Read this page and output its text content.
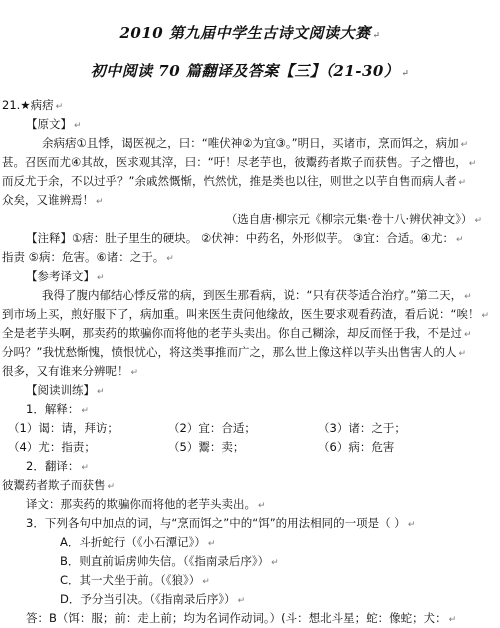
2010 第九届中学生古诗文阅读大赛 ↵
初中阅读 70 篇翻译及答案【三】（21-30） ↵
21.★病痞 ↵
【原文】 ↵
余病痞①且悸，谒医视之，曰：“唯伏神②为宜③。”明日，买诸市，烹而饵之，病加 ↵
甚。召医而尤④其故，医求观其滓，曰：“吁！尽老芋也，彼鬻药者欺子而获售。子之懵也， ↵
而反尤于余，不以过乎？”余戚然慨惭，忾然忧，推是类也以往，则世之以芋自售而病人者 ↵
众矣，又谁辨焉！ ↵
（选自唐·柳宗元《柳宗元集·卷十八·辨伏神文》） ↵
【注释】①痞：肚子里生的硬块。 ②伏神：中药名，外形似芋。 ③宜：合适。④尤： ↵
指责 ⑤病：危害。⑥诸：之于。 ↵
【参考译文】 ↵
我得了腹内郁结心悸反常的病，到医生那看病，说：“只有茯苓适合治疗。”第二天， ↵
到市场上买，煎好服下了，病加重。叫来医生责问他缘故，医生要求观看药渣，看后说：“唉！ ↵
全是老芋头啊，那卖药的欺骗你而将他的老芋头卖出。你自己糊涂，却反而怪于我，不是过 ↵
分吗？”我忧愁惭愧，愤恨忧心，将这类事推而广之，那么世上像这样以芋头出售害人的人 ↵
很多，又有谁来分辨呢！ ↵
【阅读训练】 ↵
1．解释： ↵
（1）谒：请，拜访；	（2）宜：合适；	（3）诸：之于；
（4）尤：指责；	（5）鬻：卖；	（6）病：危害
2．翻译： ↵
彼鬻药者欺子而获售 ↵
译文：那卖药的欺骗你而将他的老芋头卖出。 ↵
3．下列各句中加点的词，与“烹而饵之”中的“饵”的用法相同的一项是（ ） ↵
A．斗折蛇行（《小石潭记》） ↵
B．则直前诟虏帅失信。（《指南录后序》） ↵
C．其一犬坐于前。（《狼》） ↵
D．予分当引决。（《指南录后序》） ↵
答：B（饵：服；前：走上前；均为名词作动词。）(斗：想北斗星；蛇：像蛇；犬： ↵
